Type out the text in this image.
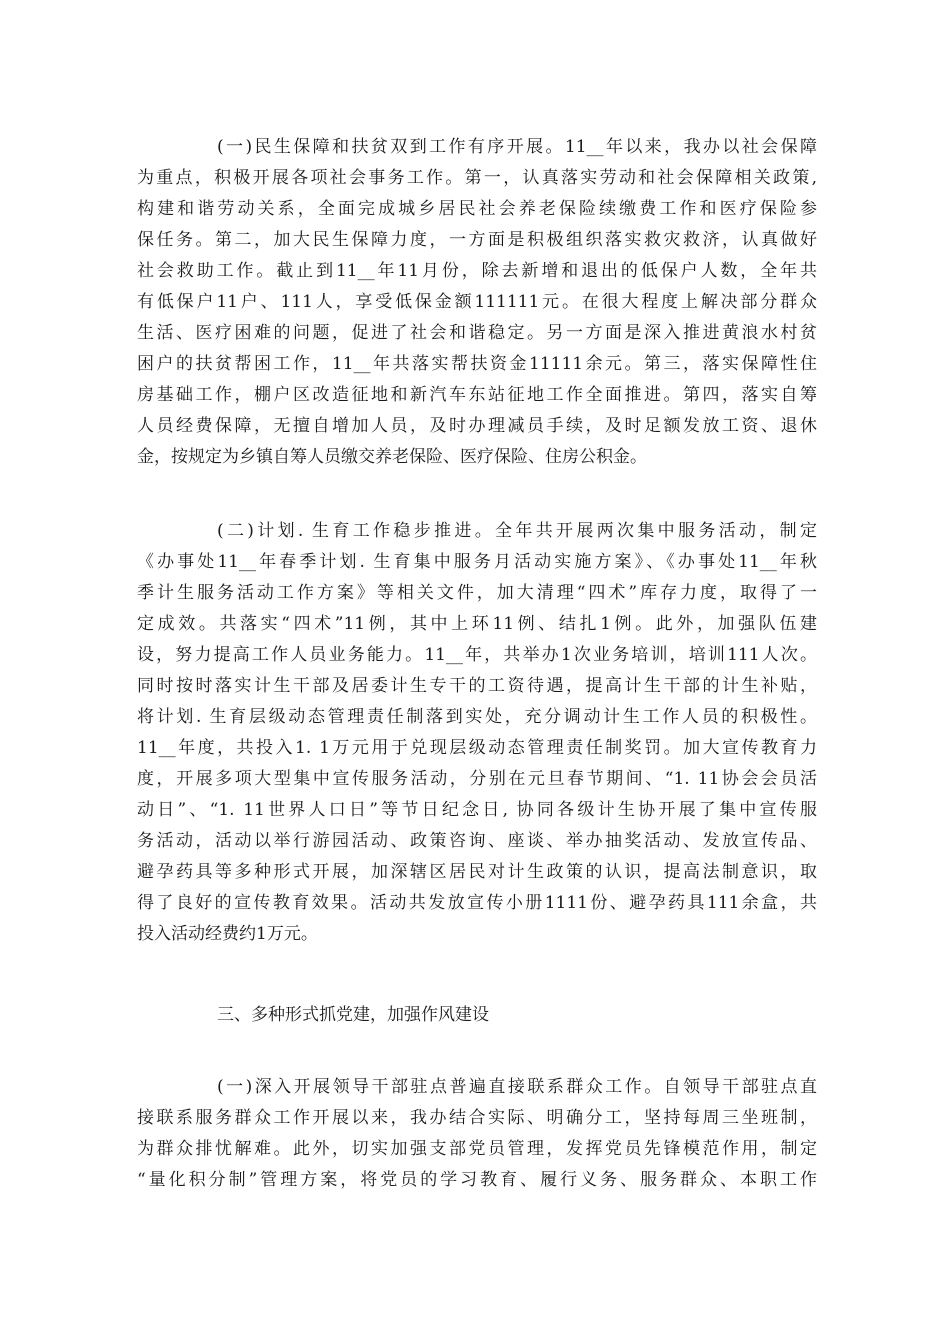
(一)民生保障和扶贫双到工作有序开展。11__年以来，我办以社会保障
为重点，积极开展各项社会事务工作。第一，认真落实劳动和社会保障相关政策,
构建和谐劳动关系，全面完成城乡居民社会养老保险续缴费工作和医疗保险参
保任务。第二，加大民生保障力度，一方面是积极组织落实救灾救济，认真做好
社会救助工作。截止到11__年11月份，除去新增和退出的低保户人数，全年共
有低保户11户、111人，享受低保金额111111元。在很大程度上解决部分群众
生活、医疗困难的问题，促进了社会和谐稳定。另一方面是深入推进黄浪水村贫
困户的扶贫帮困工作，11__年共落实帮扶资金11111余元。第三，落实保障性住
房基础工作，棚户区改造征地和新汽车东站征地工作全面推进。第四，落实自筹
人员经费保障，无擅自增加人员，及时办理减员手续，及时足额发放工资、退休
金，按规定为乡镇自筹人员缴交养老保险、医疗保险、住房公积金。
(二)计划. 生育工作稳步推进。全年共开展两次集中服务活动，制定
《办事处11__年春季计划. 生育集中服务月活动实施方案》、《办事处11__年秋
季计生服务活动工作方案》等相关文件，加大清理“四术”库存力度，取得了一
定成效。共落实“四术”11例，其中上环11例、结扎1例。此外，加强队伍建
设，努力提高工作人员业务能力。11__年，共举办1次业务培训，培训111人次。
同时按时落实计生干部及居委计生专干的工资待遇，提高计生干部的计生补贴，
将计划. 生育层级动态管理责任制落到实处，充分调动计生工作人员的积极性。
11__年度，共投入1. 1万元用于兑现层级动态管理责任制奖罚。加大宣传教育力
度，开展多项大型集中宣传服务活动，分别在元旦春节期间、“1. 11协会会员活
动日”、“1. 11世界人口日”等节日纪念日, 协同各级计生协开展了集中宣传服
务活动，活动以举行游园活动、政策咨询、座谈、举办抽奖活动、发放宣传品、
避孕药具等多种形式开展，加深辖区居民对计生政策的认识，提高法制意识，取
得了良好的宣传教育效果。活动共发放宣传小册1111份、避孕药具111余盒，共
投入活动经费约1万元。

三、多种形式抓党建，加强作风建设

(一)深入开展领导干部驻点普遍直接联系群众工作。自领导干部驻点直
接联系服务群众工作开展以来，我办结合实际、明确分工，坚持每周三坐班制，
为群众排忧解难。此外，切实加强支部党员管理，发挥党员先锋模范作用，制定
“量化积分制”管理方案，将党员的学习教育、履行义务、服务群众、本职工作
